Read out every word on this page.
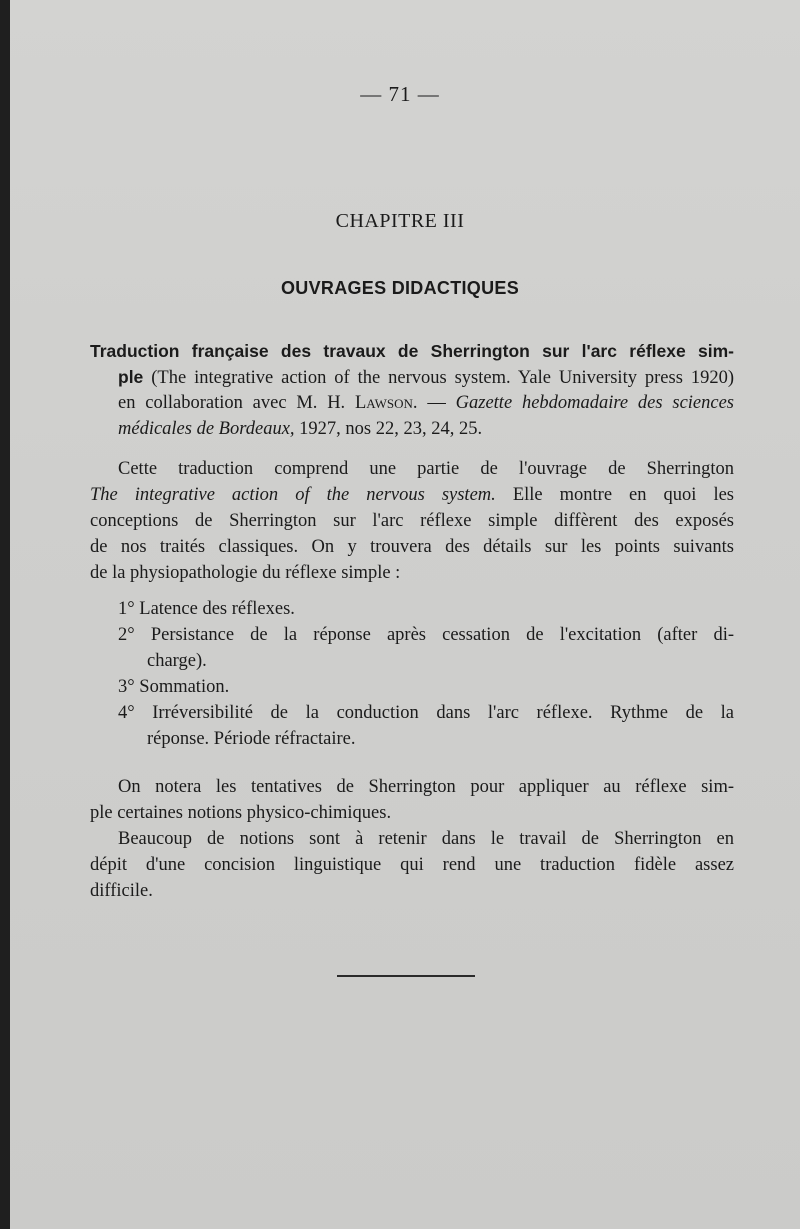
— 71 —
CHAPITRE III
OUVRAGES DIDACTIQUES
Traduction française des travaux de Sherrington sur l'arc réflexe sim-
ple (The integrative action of the nervous system. Yale University press 1920)
en collaboration avec M. H. Lawson. — Gazette hebdomadaire des sciences
médicales de Bordeaux, 1927, nos 22, 23, 24, 25.
Cette traduction comprend une partie de l'ouvrage de Sherrington
The integrative action of the nervous system. Elle montre en quoi les
conceptions de Sherrington sur l'arc réflexe simple diffèrent des exposés
de nos traités classiques. On y trouvera des détails sur les points suivants
de la physiopathologie du réflexe simple :
1° Latence des réflexes.
2° Persistance de la réponse après cessation de l'excitation (after di-
charge).
3° Sommation.
4° Irréversibilité de la conduction dans l'arc réflexe. Rythme de la
réponse. Période réfractaire.
On notera les tentatives de Sherrington pour appliquer au réflexe sim-
ple certaines notions physico-chimiques.
Beaucoup de notions sont à retenir dans le travail de Sherrington en
dépit d'une concision linguistique qui rend une traduction fidèle assez
difficile.
